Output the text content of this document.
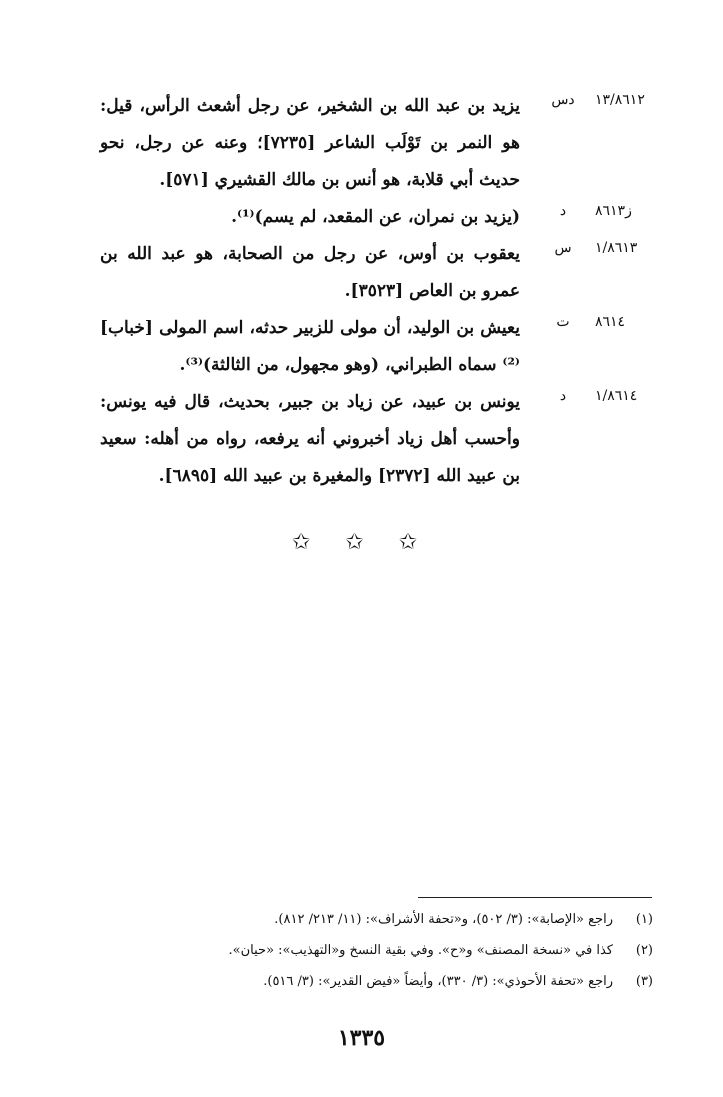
١٣/٨٦١٢
دس
يزيد بن عبد الله بن الشخير، عن رجل أشعث الرأس، قيل: هو النمر بن تَوْلَب الشاعر [٧٢٣٥]؛ وعنه عن رجل، نحو حديث أبي قلابة، هو أنس بن مالك القشيري [٥٧١].
ز٨٦١٣
د
(يزيد بن نمران، عن المقعد، لم يسم)⁽¹⁾.
١/٨٦١٣
س
يعقوب بن أوس، عن رجل من الصحابة، هو عبد الله بن عمرو بن العاص [٣٥٢٣].
٨٦١٤
ت
يعيش بن الوليد، أن مولى للزبير حدثه، اسم المولى [خباب]⁽²⁾ سماه الطبراني، (وهو مجهول، من الثالثة)⁽³⁾.
١/٨٦١٤
د
يونس بن عبيد، عن زياد بن جبير، بحديث، قال فيه يونس: وأحسب أهل زياد أخبروني أنه يرفعه، رواه من أهله: سعيد بن عبيد الله [٢٣٧٢] والمغيرة بن عبيد الله [٦٨٩٥].
✩ ✩ ✩
(١)
راجع «الإصابة»: (٣/ ٥٠٢)، و«تحفة الأشراف»: (١١/ ٢١٣/ ٨١٢).
(٢)
كذا في «نسخة المصنف» و«ح». وفي بقية النسخ و«التهذيب»: «حيان».
(٣)
راجع «تحفة الأحوذي»: (٣/ ٣٣٠)، وأيضاً «فيض القدير»: (٣/ ٥١٦).
١٣٣٥
